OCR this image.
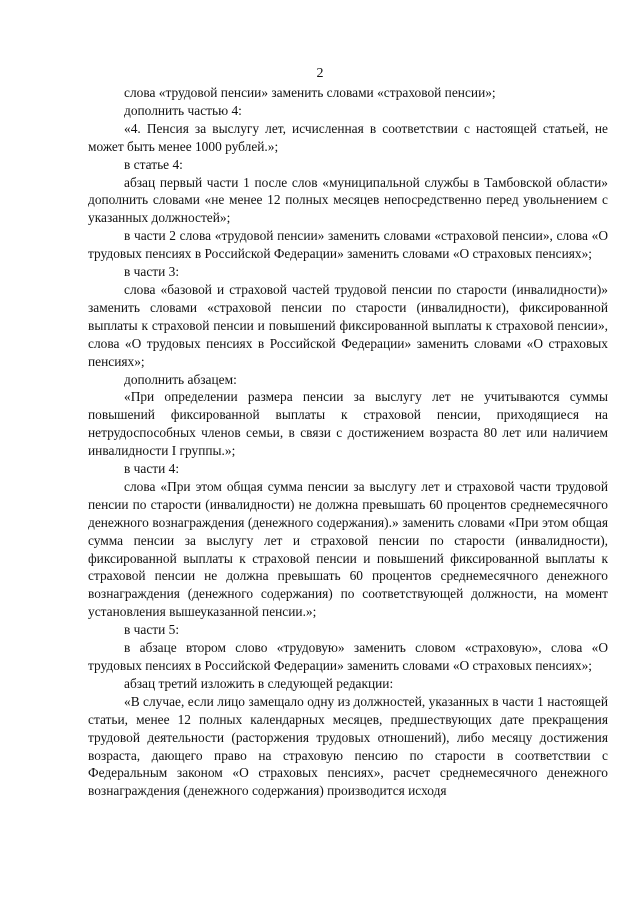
2

слова «трудовой пенсии» заменить словами «страховой пенсии»;

дополнить частью 4:

«4. Пенсия за выслугу лет, исчисленная в соответствии с настоящей статьей, не может быть менее 1000 рублей.»;

в статье 4:

абзац первый части 1 после слов «муниципальной службы в Тамбовской области» дополнить словами «не менее 12 полных месяцев непосредственно перед увольнением с указанных должностей»;

в части 2 слова «трудовой пенсии» заменить словами «страховой пенсии», слова «О трудовых пенсиях в Российской Федерации» заменить словами «О страховых пенсиях»;

в части 3:

слова «базовой и страховой частей трудовой пенсии по старости (инвалидности)» заменить словами «страховой пенсии по старости (инвалидности), фиксированной выплаты к страховой пенсии и повышений фиксированной выплаты к страховой пенсии», слова «О трудовых пенсиях в Российской Федерации» заменить словами «О страховых пенсиях»;

дополнить абзацем:

«При определении размера пенсии за выслугу лет не учитываются суммы повышений фиксированной выплаты к страховой пенсии, приходящиеся на нетрудоспособных членов семьи, в связи с достижением возраста 80 лет или наличием инвалидности I группы.»;

в части 4:

слова «При этом общая сумма пенсии за выслугу лет и страховой части трудовой пенсии по старости (инвалидности) не должна превышать 60 процентов среднемесячного денежного вознаграждения (денежного содержания).» заменить словами «При этом общая сумма пенсии за выслугу лет и страховой пенсии по старости (инвалидности), фиксированной выплаты к страховой пенсии и повышений фиксированной выплаты к страховой пенсии не должна превышать 60 процентов среднемесячного денежного вознаграждения (денежного содержания) по соответствующей должности, на момент установления вышеуказанной пенсии.»;

в части 5:

в абзаце втором слово «трудовую» заменить словом «страховую», слова «О трудовых пенсиях в Российской Федерации» заменить словами «О страховых пенсиях»;

абзац третий изложить в следующей редакции:

«В случае, если лицо замещало одну из должностей, указанных в части 1 настоящей статьи, менее 12 полных календарных месяцев, предшествующих дате прекращения трудовой деятельности (расторжения трудовых отношений), либо месяцу достижения возраста, дающего право на страховую пенсию по старости в соответствии с Федеральным законом «О страховых пенсиях», расчет среднемесячного денежного вознаграждения (денежного содержания) производится исходя
